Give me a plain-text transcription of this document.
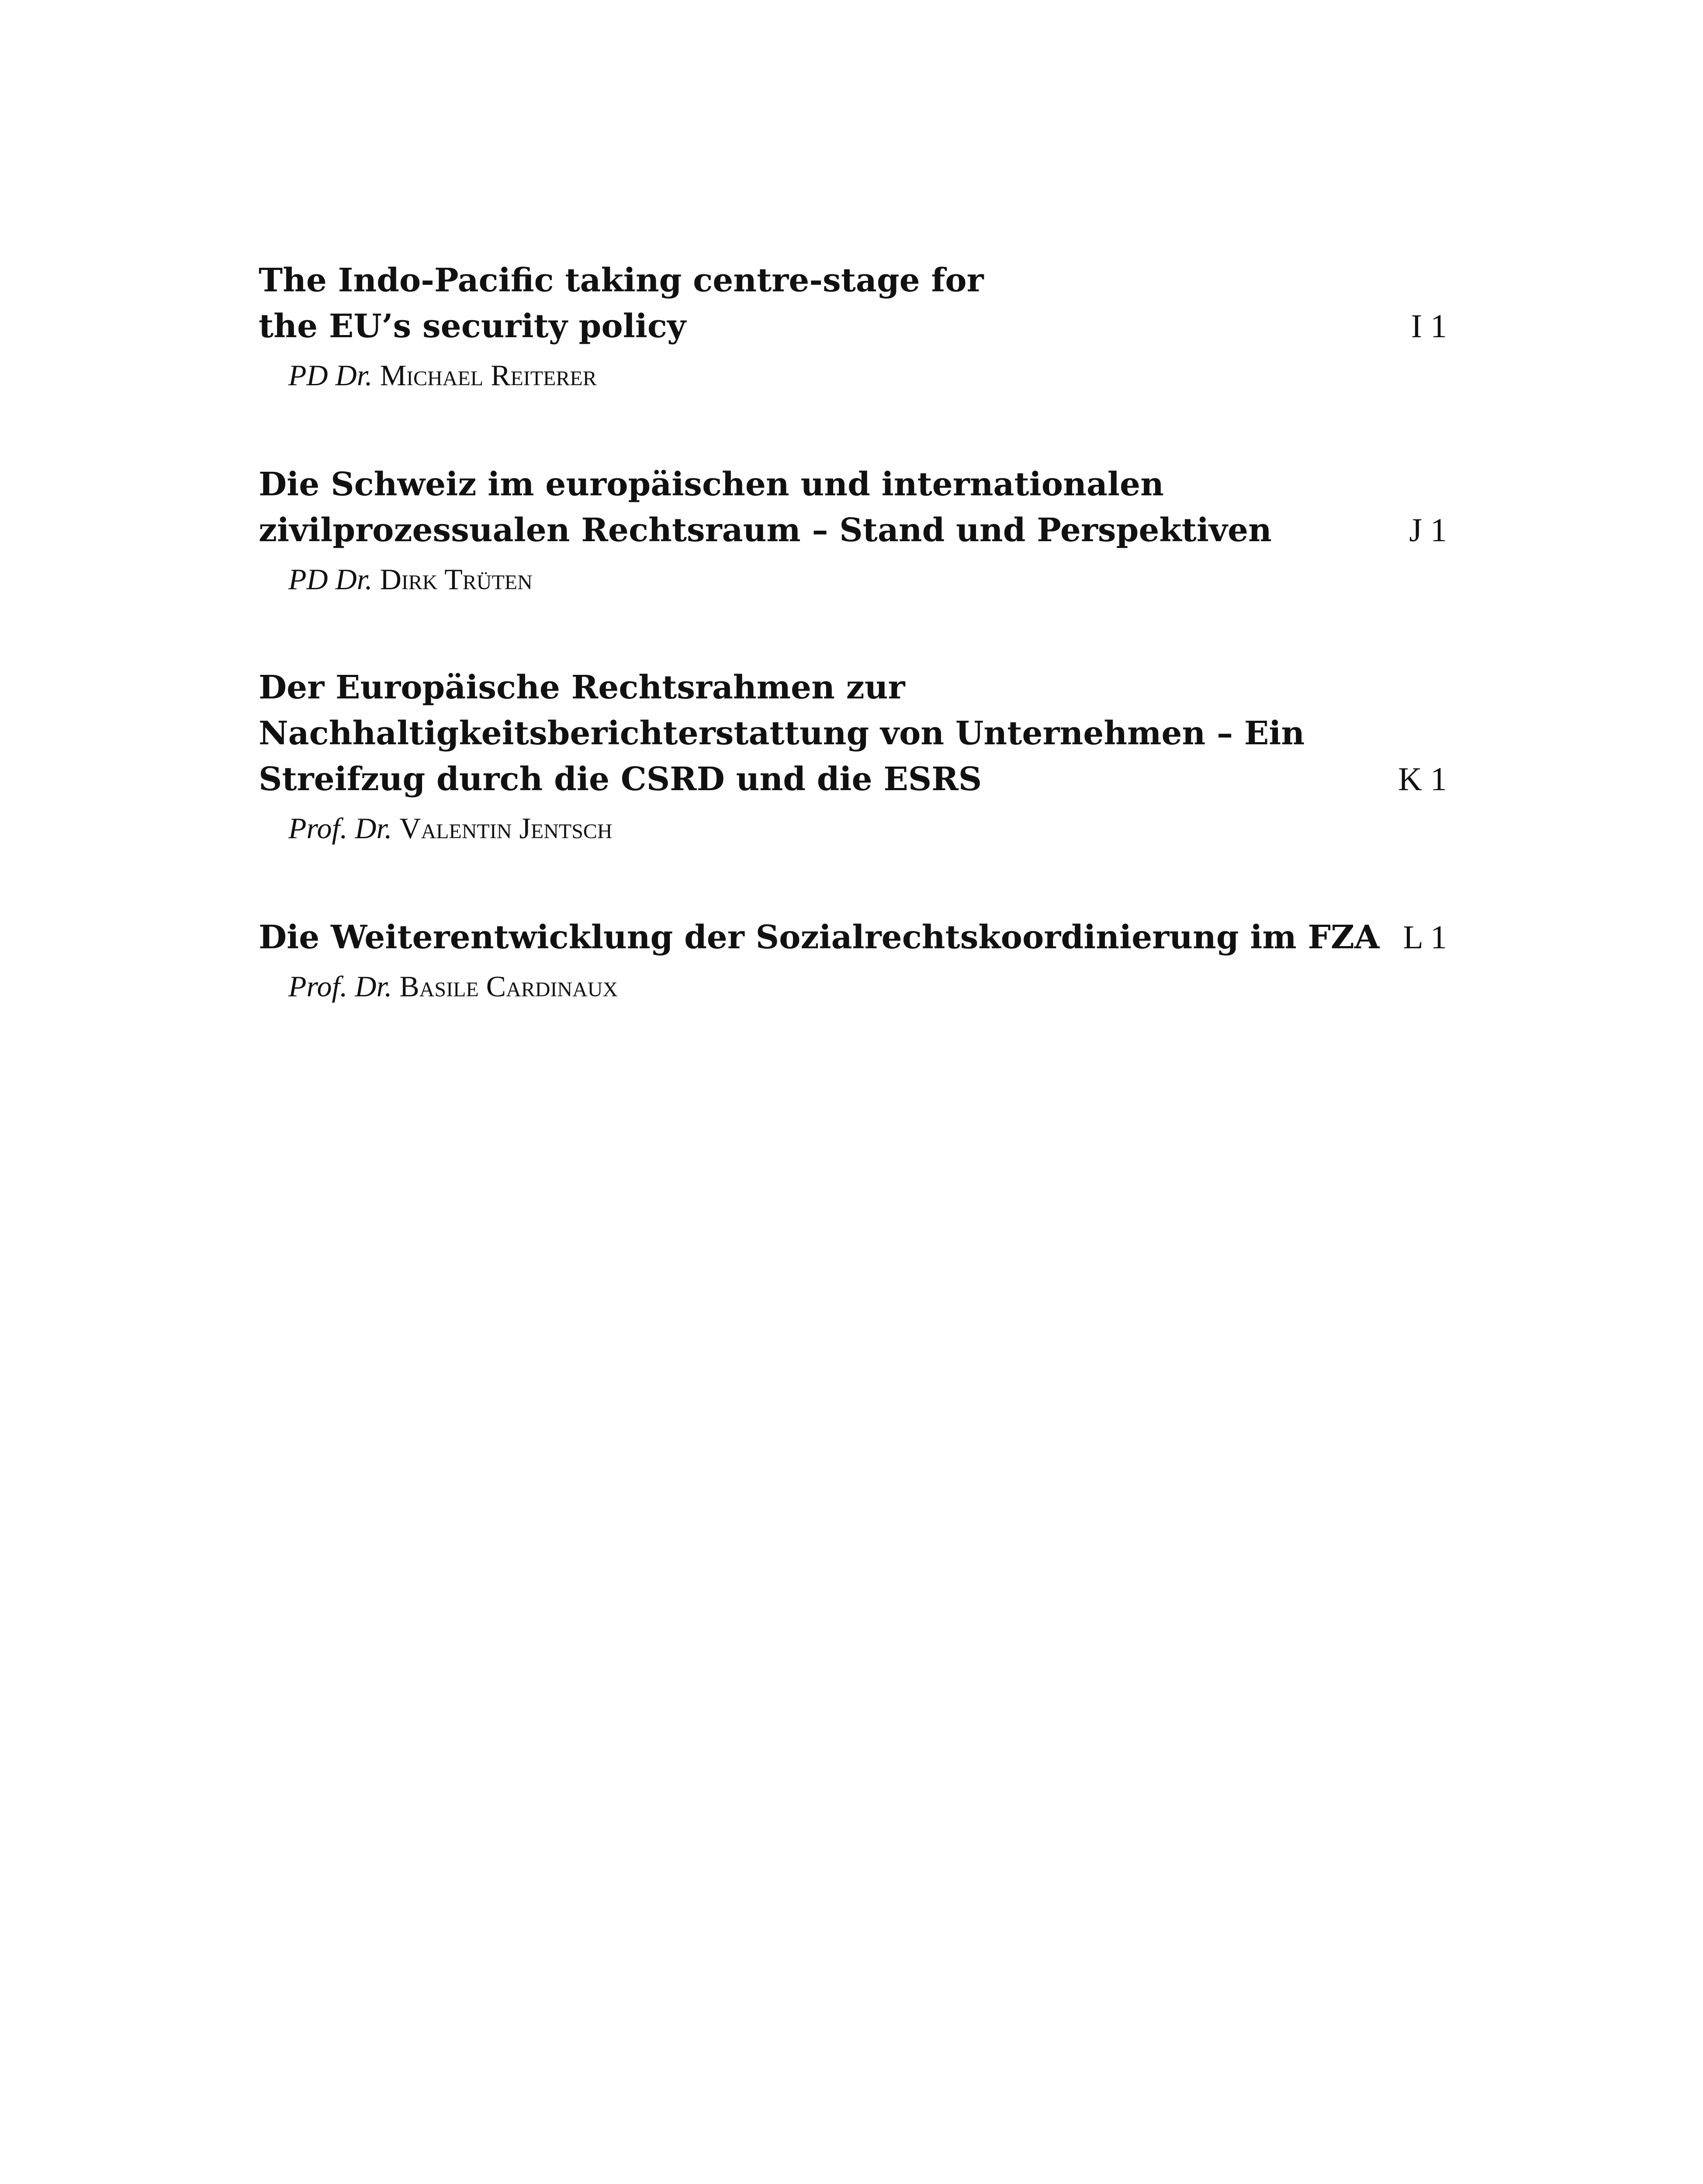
The Indo-Pacific taking centre-stage for
the EU’s security policy	I 1
PD Dr. Michael Reiterer
Die Schweiz im europäischen und internationalen
zivilprozessualen Rechtsraum – Stand und Perspektiven	J 1
PD Dr. Dirk Trüten
Der Europäische Rechtsrahmen zur
Nachhaltigkeitsberichterstattung von Unternehmen – Ein
Streifzug durch die CSRD und die ESRS	K 1
Prof. Dr. Valentin Jentsch
Die Weiterentwicklung der Sozialrechtskoordinierung im FZA L 1
Prof. Dr. Basile Cardinaux
